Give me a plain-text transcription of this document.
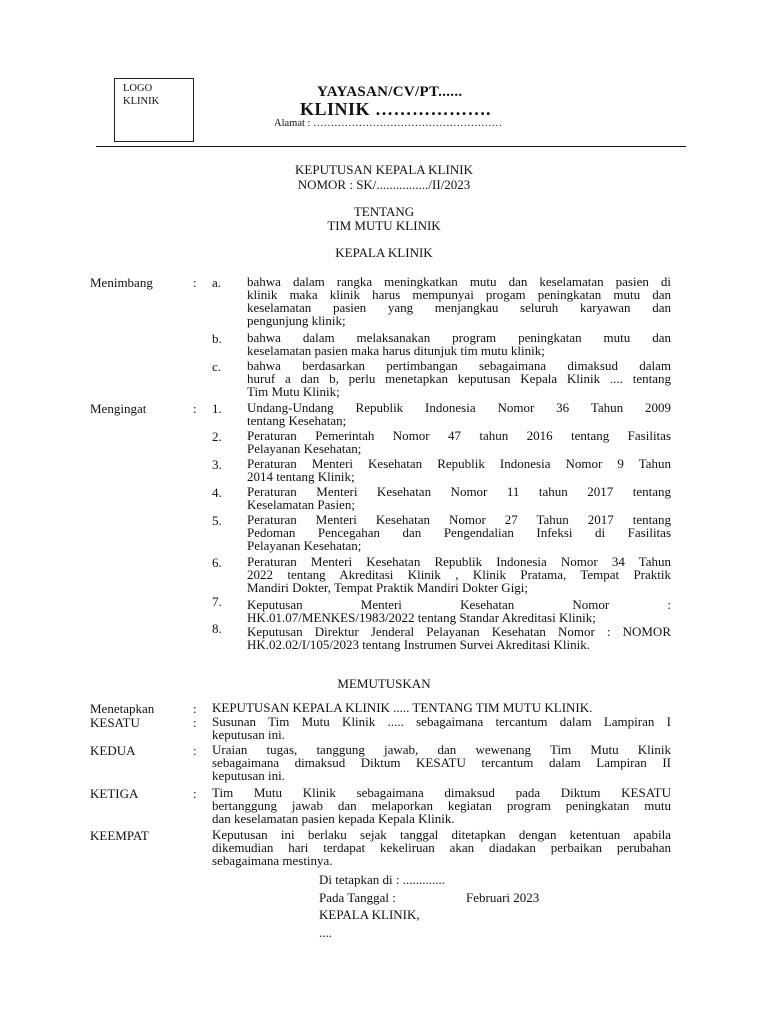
LOGO
KLINIK
YAYASAN/CV/PT......
KLINIK ……………….
Alamat : ………………………………………………
KEPUTUSAN KEPALA KLINIK
NOMOR : SK/................/II/2023
TENTANG
TIM MUTU KLINIK
KEPALA KLINIK
Menimbang	: a. bahwa dalam rangka meningkatkan mutu dan keselamatan pasien di
klinik maka klinik harus mempunyai progam peningkatan mutu dan
keselamatan pasien yang menjangkau seluruh karyawan dan
pengunjung klinik;
b. bahwa dalam melaksanakan program peningkatan mutu dan
keselamatan pasien maka harus ditunjuk tim mutu klinik;
c. bahwa berdasarkan pertimbangan sebagaimana dimaksud dalam
huruf a dan b, perlu menetapkan keputusan Kepala Klinik .... tentang
Tim Mutu Klinik;
Mengingat	: 1. Undang-Undang Republik Indonesia Nomor 36 Tahun 2009
tentang Kesehatan;
2. Peraturan Pemerintah Nomor 47 tahun 2016 tentang Fasilitas
Pelayanan Kesehatan;
3. Peraturan Menteri Kesehatan Republik Indonesia Nomor 9 Tahun
2014 tentang Klinik;
4. Peraturan Menteri Kesehatan Nomor 11 tahun 2017 tentang
Keselamatan Pasien;
5. Peraturan Menteri Kesehatan Nomor 27 Tahun 2017 tentang
Pedoman Pencegahan dan Pengendalian Infeksi di Fasilitas
Pelayanan Kesehatan;
6. Peraturan Menteri Kesehatan Republik Indonesia Nomor 34 Tahun
2022 tentang Akreditasi Klinik , Klinik Pratama, Tempat Praktik
Mandiri Dokter, Tempat Praktik Mandiri Dokter Gigi;
7. Keputusan Menteri Kesehatan Nomor :
HK.01.07/MENKES/1983/2022 tentang Standar Akreditasi Klinik;
8. Keputusan Direktur Jenderal Pelayanan Kesehatan Nomor : NOMOR
HK.02.02/I/105/2023 tentang Instrumen Survei Akreditasi Klinik.
MEMUTUSKAN
Menetapkan	: KEPUTUSAN KEPALA KLINIK ..... TENTANG TIM MUTU KLINIK.
KESATU	: Susunan Tim Mutu Klinik ..... sebagaimana tercantum dalam Lampiran I
keputusan ini.
KEDUA	: Uraian tugas, tanggung jawab, dan wewenang Tim Mutu Klinik
sebagaimana dimaksud Diktum KESATU tercantum dalam Lampiran II
keputusan ini.
KETIGA	: Tim Mutu Klinik sebagaimana dimaksud pada Diktum KESATU
bertanggung jawab dan melaporkan kegiatan program peningkatan mutu
dan keselamatan pasien kepada Kepala Klinik.
KEEMPAT	Keputusan ini berlaku sejak tanggal ditetapkan dengan ketentuan apabila
dikemudian hari terdapat kekeliruan akan diadakan perbaikan perubahan
sebagaimana mestinya.
Di tetapkan di : .............
Pada Tanggal :	Februari 2023
KEPALA KLINIK,
....
